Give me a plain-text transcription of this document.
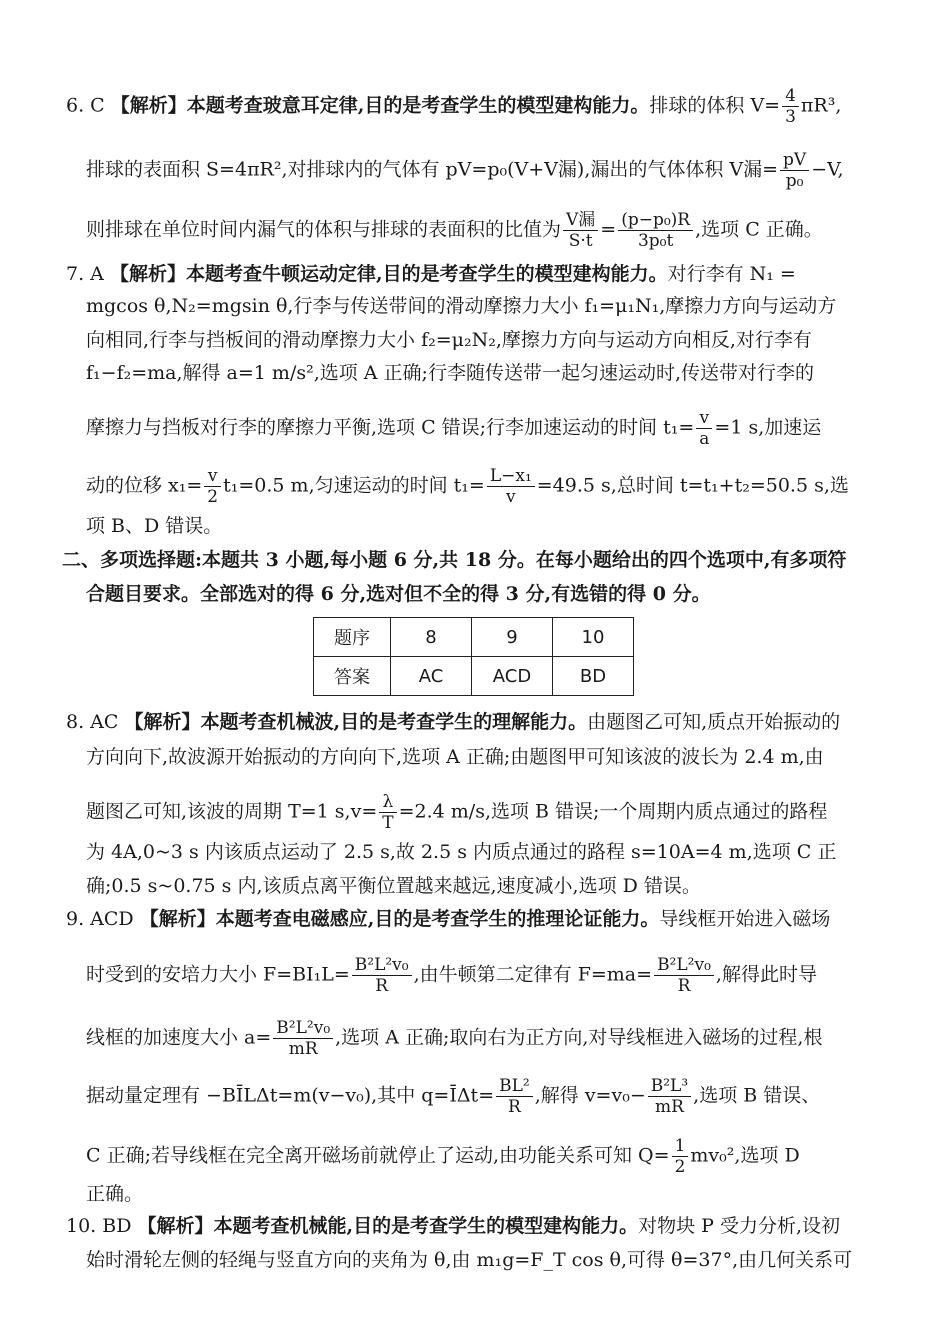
6. C 【解析】本题考查玻意耳定律,目的是考查学生的模型建构能力。排球的体积 $V= \frac{4}{3} \pi R^3$,
排球的表面积 S=4πR²,对排球内的气体有 pV=p₀(V+V漏),漏出的气体体积 V漏= $\frac{pV}{\text{p₀}} -V$,
则排球在单位时间内漏气的体积与排球的表面积的比值为 $\frac{\text{V漏}}{S\cdot t} = \frac{\text{(p−p₀)R}}{\text{3p₀t}}$ ,选项 C 正确。
7. A 【解析】本题考查牛顿运动定律,目的是考查学生的模型建构能力。对行李有 N₁ =
mgcos θ,N₂=mgsin θ,行李与传送带间的滑动摩擦力大小 f₁=μ₁N₁,摩擦力方向与运动方
向相同,行李与挡板间的滑动摩擦力大小 f₂=μ₂N₂,摩擦力方向与运动方向相反,对行李有
f₁−f₂=ma,解得 a=1 m/s²,选项 A 正确;行李随传送带一起匀速运动时,传送带对行李的
摩擦力与挡板对行李的摩擦力平衡,选项 C 错误;行李加速运动的时间 $t_1= \frac{v}{a} =1$ s,加速运
动的位移 $x_1= \frac{v}{2} t_1=0.5$ m,匀速运动的时间 $t_1= \frac{\text{L−x₁}}{v} =49.5$ s,总时间 t=t₁+t₂=50.5 s,选
项 B、D 错误。
二、多项选择题:本题共 3 小题,每小题 6 分,共 18 分。在每小题给出的四个选项中,有多项符
合题目要求。全部选对的得 6 分,选对但不全的得 3 分,有选错的得 0 分。
题序	8	9	10
答案	AC	ACD	BD
8. AC 【解析】本题考查机械波,目的是考查学生的理解能力。由题图乙可知,质点开始振动的
方向向下,故波源开始振动的方向向下,选项 A 正确;由题图甲可知该波的波长为 2.4 m,由
题图乙可知,该波的周期 T=1 $s,v= \frac{\lambda}{T} =2.4$ m/s,选项 B 错误;一个周期内质点通过的路程
为 4A,0~3 s 内该质点运动了 2.5 s,故 2.5 s 内质点通过的路程 s=10A=4 m,选项 C 正
确;0.5 s~0.75 s 内,该质点离平衡位置越来越远,速度减小,选项 D 错误。
9. ACD 【解析】本题考查电磁感应,目的是考查学生的推理论证能力。导线框开始进入磁场
时受到的安培力大小 $F=BI_1L= \frac{\text{B²L²v₀}}{R}$ ,由牛顿第二定律有 $F=ma= \frac{\text{B²L²v₀}}{R}$ ,解得此时导
线框的加速度大小 $a= \frac{\text{B²L²v₀}}{mR}$ ,选项 A 正确;取向右为正方向,对导线框进入磁场的过程,根
据动量定理有 −BĪLΔt=m(v−v₀),其中 q=ĪΔt= $\frac{\text{BL²}}{R}$ ,解得 $v=v_0- \frac{\text{B²L³}}{mR}$ ,选项 B 错误、
C 正确;若导线框在完全离开磁场前就停止了运动,由功能关系可知 $Q= \frac{1}{2} mv_0^2$,选项 D
正确。
10. BD 【解析】本题考查机械能,目的是考查学生的模型建构能力。对物块 P 受力分析,设初
始时滑轮左侧的轻绳与竖直方向的夹角为 θ,由 m₁g=F_T cos θ,可得 θ=37°,由几何关系可
